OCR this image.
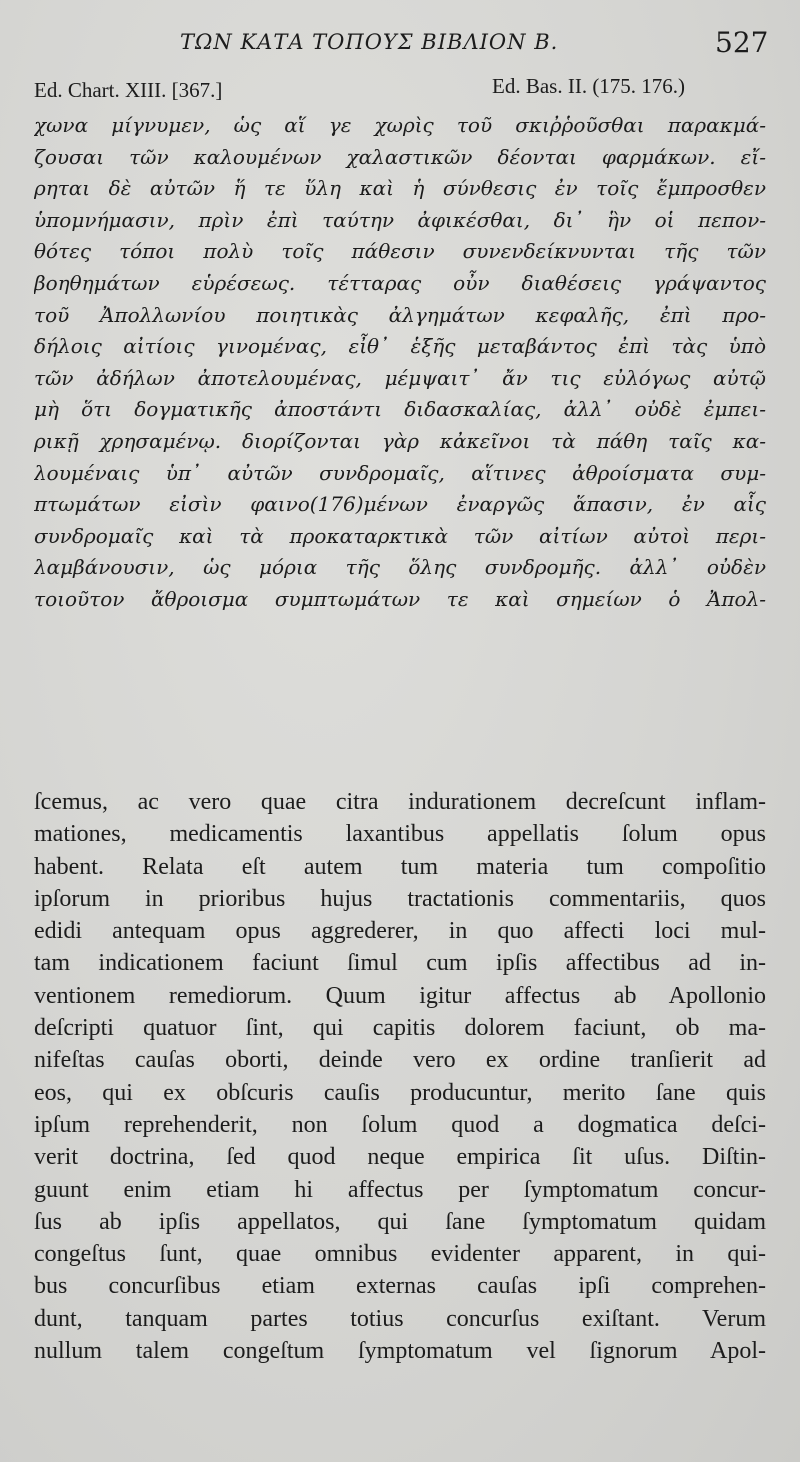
ΤΩΝ ΚΑΤΑ ΤΟΠΟΥΣ ΒΙΒΛΙΟΝ Β.	527
Ed. Chart. XIII. [367.]	Ed. Bas. II. (175. 176.)
χωνα μίγνυμεν, ὡς αἵ γε χωρὶς τοῦ σκιῤῥοῦσθαι παρακμά-
ζουσαι τῶν καλουμένων χαλαστικῶν δέονται φαρμάκων. εἴ-
ρηται δὲ αὐτῶν ἥ τε ὕλη καὶ ἡ σύνθεσις ἐν τοῖς ἔμπροσθεν
ὑπομνήμασιν, πρὶν ἐπὶ ταύτην ἀφικέσθαι, δι᾽ ἣν οἱ πεπον-
θότες τόποι πολὺ τοῖς πάθεσιν συνενδείκνυνται τῆς τῶν
βοηθημάτων εὑρέσεως. τέτταρας οὖν διαθέσεις γράψαντος
τοῦ Ἀπολλωνίου ποιητικὰς ἀλγημάτων κεφαλῆς, ἐπὶ προ-
δήλοις αἰτίοις γινομένας, εἶθ᾽ ἑξῆς μεταβάντος ἐπὶ τὰς ὑπὸ
τῶν ἀδήλων ἀποτελουμένας, μέμψαιτ᾽ ἄν τις εὐλόγως αὐτῷ
μὴ ὅτι δογματικῆς ἀποστάντι διδασκαλίας, ἀλλ᾽ οὐδὲ ἐμπει-
ρικῇ χρησαμένῳ. διορίζονται γὰρ κἀκεῖνοι τὰ πάθη ταῖς κα-
λουμέναις ὑπ᾽ αὐτῶν συνδρομαῖς, αἵτινες ἀθροίσματα συμ-
πτωμάτων εἰσὶν φαινο(176)μένων ἐναργῶς ἅπασιν, ἐν αἷς
συνδρομαῖς καὶ τὰ προκαταρκτικὰ τῶν αἰτίων αὐτοὶ περι-
λαμβάνουσιν, ὡς μόρια τῆς ὅλης συνδρομῆς. ἀλλ᾽ οὐδὲν
τοιοῦτον ἄθροισμα συμπτωμάτων τε καὶ σημείων ὁ Ἀπολ-
ſcemus, ac vero quae citra indurationem decreſcunt inflam-
mationes, medicamentis laxantibus appellatis ſolum opus
habent. Relata eſt autem tum materia tum compoſitio
ipſorum in prioribus hujus tractationis commentariis, quos
edidi antequam opus aggrederer, in quo affecti loci mul-
tam indicationem faciunt ſimul cum ipſis affectibus ad in-
ventionem remediorum. Quum igitur affectus ab Apollonio
deſcripti quatuor ſint, qui capitis dolorem faciunt, ob ma-
nifeſtas cauſas oborti, deinde vero ex ordine tranſierit ad
eos, qui ex obſcuris cauſis producuntur, merito ſane quis
ipſum reprehenderit, non ſolum quod a dogmatica deſci-
verit doctrina, ſed quod neque empirica ſit uſus. Diſtin-
guunt enim etiam hi affectus per ſymptomatum concur-
ſus ab ipſis appellatos, qui ſane ſymptomatum quidam
congeſtus ſunt, quae omnibus evidenter apparent, in qui-
bus concurſibus etiam externas cauſas ipſi comprehen-
dunt, tanquam partes totius concurſus exiſtant. Verum
nullum talem congeſtum ſymptomatum vel ſignorum Apol-
